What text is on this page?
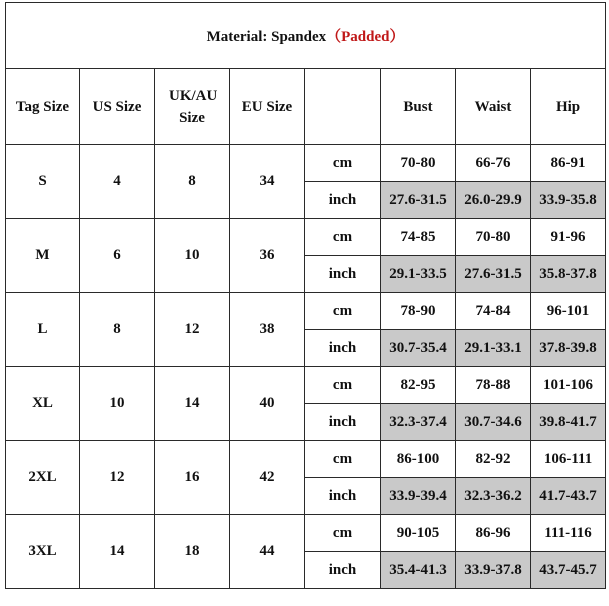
Material: Spandex（Padded）							
Tag Size	US Size	UK/AU Size	EU Size		Bust	Waist	Hip
S	4	8	34	cm	70-80	66-76	86-91
				inch	27.6-31.5	26.0-29.9	33.9-35.8
M	6	10	36	cm	74-85	70-80	91-96
				inch	29.1-33.5	27.6-31.5	35.8-37.8
L	8	12	38	cm	78-90	74-84	96-101
				inch	30.7-35.4	29.1-33.1	37.8-39.8
XL	10	14	40	cm	82-95	78-88	101-106
				inch	32.3-37.4	30.7-34.6	39.8-41.7
2XL	12	16	42	cm	86-100	82-92	106-111
				inch	33.9-39.4	32.3-36.2	41.7-43.7
3XL	14	18	44	cm	90-105	86-96	111-116
				inch	35.4-41.3	33.9-37.8	43.7-45.7
